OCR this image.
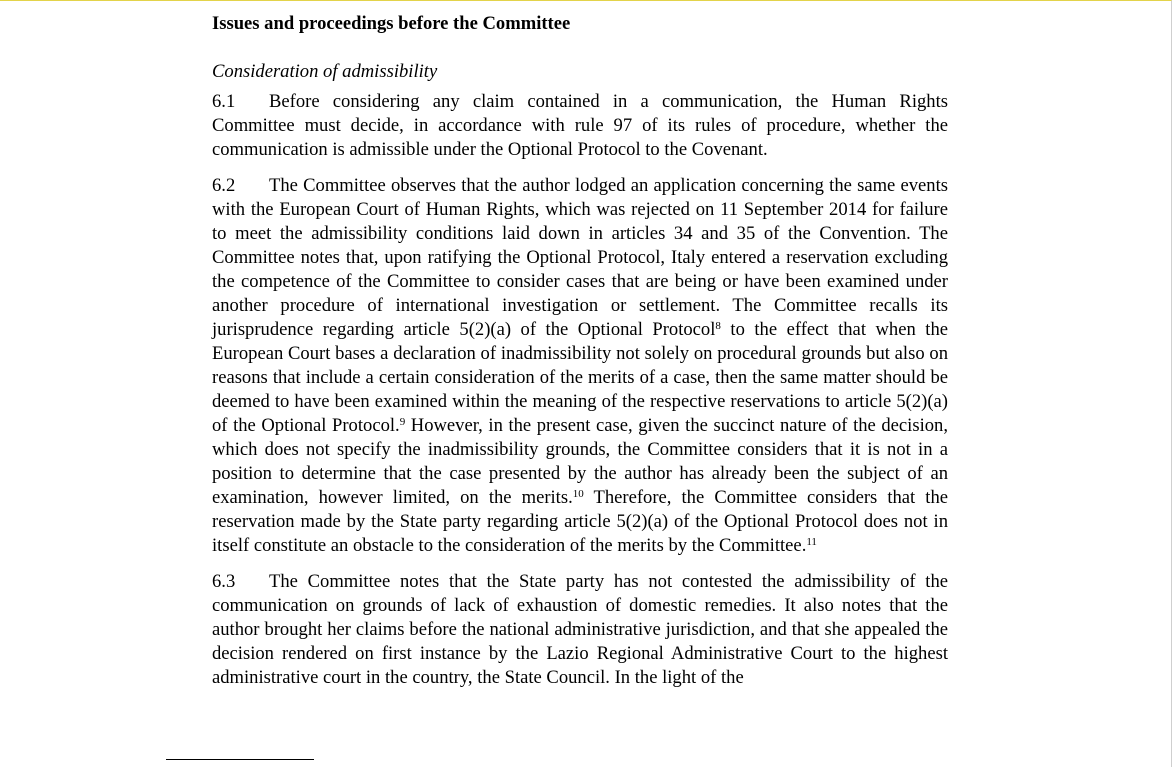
Issues and proceedings before the Committee
Consideration of admissibility

6.1 Before considering any claim contained in a communication, the Human Rights Committee must decide, in accordance with rule 97 of its rules of procedure, whether the communication is admissible under the Optional Protocol to the Covenant.

6.2 The Committee observes that the author lodged an application concerning the same events with the European Court of Human Rights, which was rejected on 11 September 2014 for failure to meet the admissibility conditions laid down in articles 34 and 35 of the Convention. The Committee notes that, upon ratifying the Optional Protocol, Italy entered a reservation excluding the competence of the Committee to consider cases that are being or have been examined under another procedure of international investigation or settlement. The Committee recalls its jurisprudence regarding article 5(2)(a) of the Optional Protocol$^8$ to the effect that when the European Court bases a declaration of inadmissibility not solely on procedural grounds but also on reasons that include a certain consideration of the merits of a case, then the same matter should be deemed to have been examined within the meaning of the respective reservations to article 5(2)(a) of the Optional Protocol.$^9$ However, in the present case, given the succinct nature of the decision, which does not specify the inadmissibility grounds, the Committee considers that it is not in a position to determine that the case presented by the author has already been the subject of an examination, however limited, on the merits.$^{10}$ Therefore, the Committee considers that the reservation made by the State party regarding article 5(2)(a) of the Optional Protocol does not in itself constitute an obstacle to the consideration of the merits by the Committee.$^{11}$

6.3 The Committee notes that the State party has not contested the admissibility of the communication on grounds of lack of exhaustion of domestic remedies. It also notes that the author brought her claims before the national administrative jurisdiction, and that she appealed the decision rendered on first instance by the Lazio Regional Administrative Court to the highest administrative court in the country, the State Council. In the light of the
